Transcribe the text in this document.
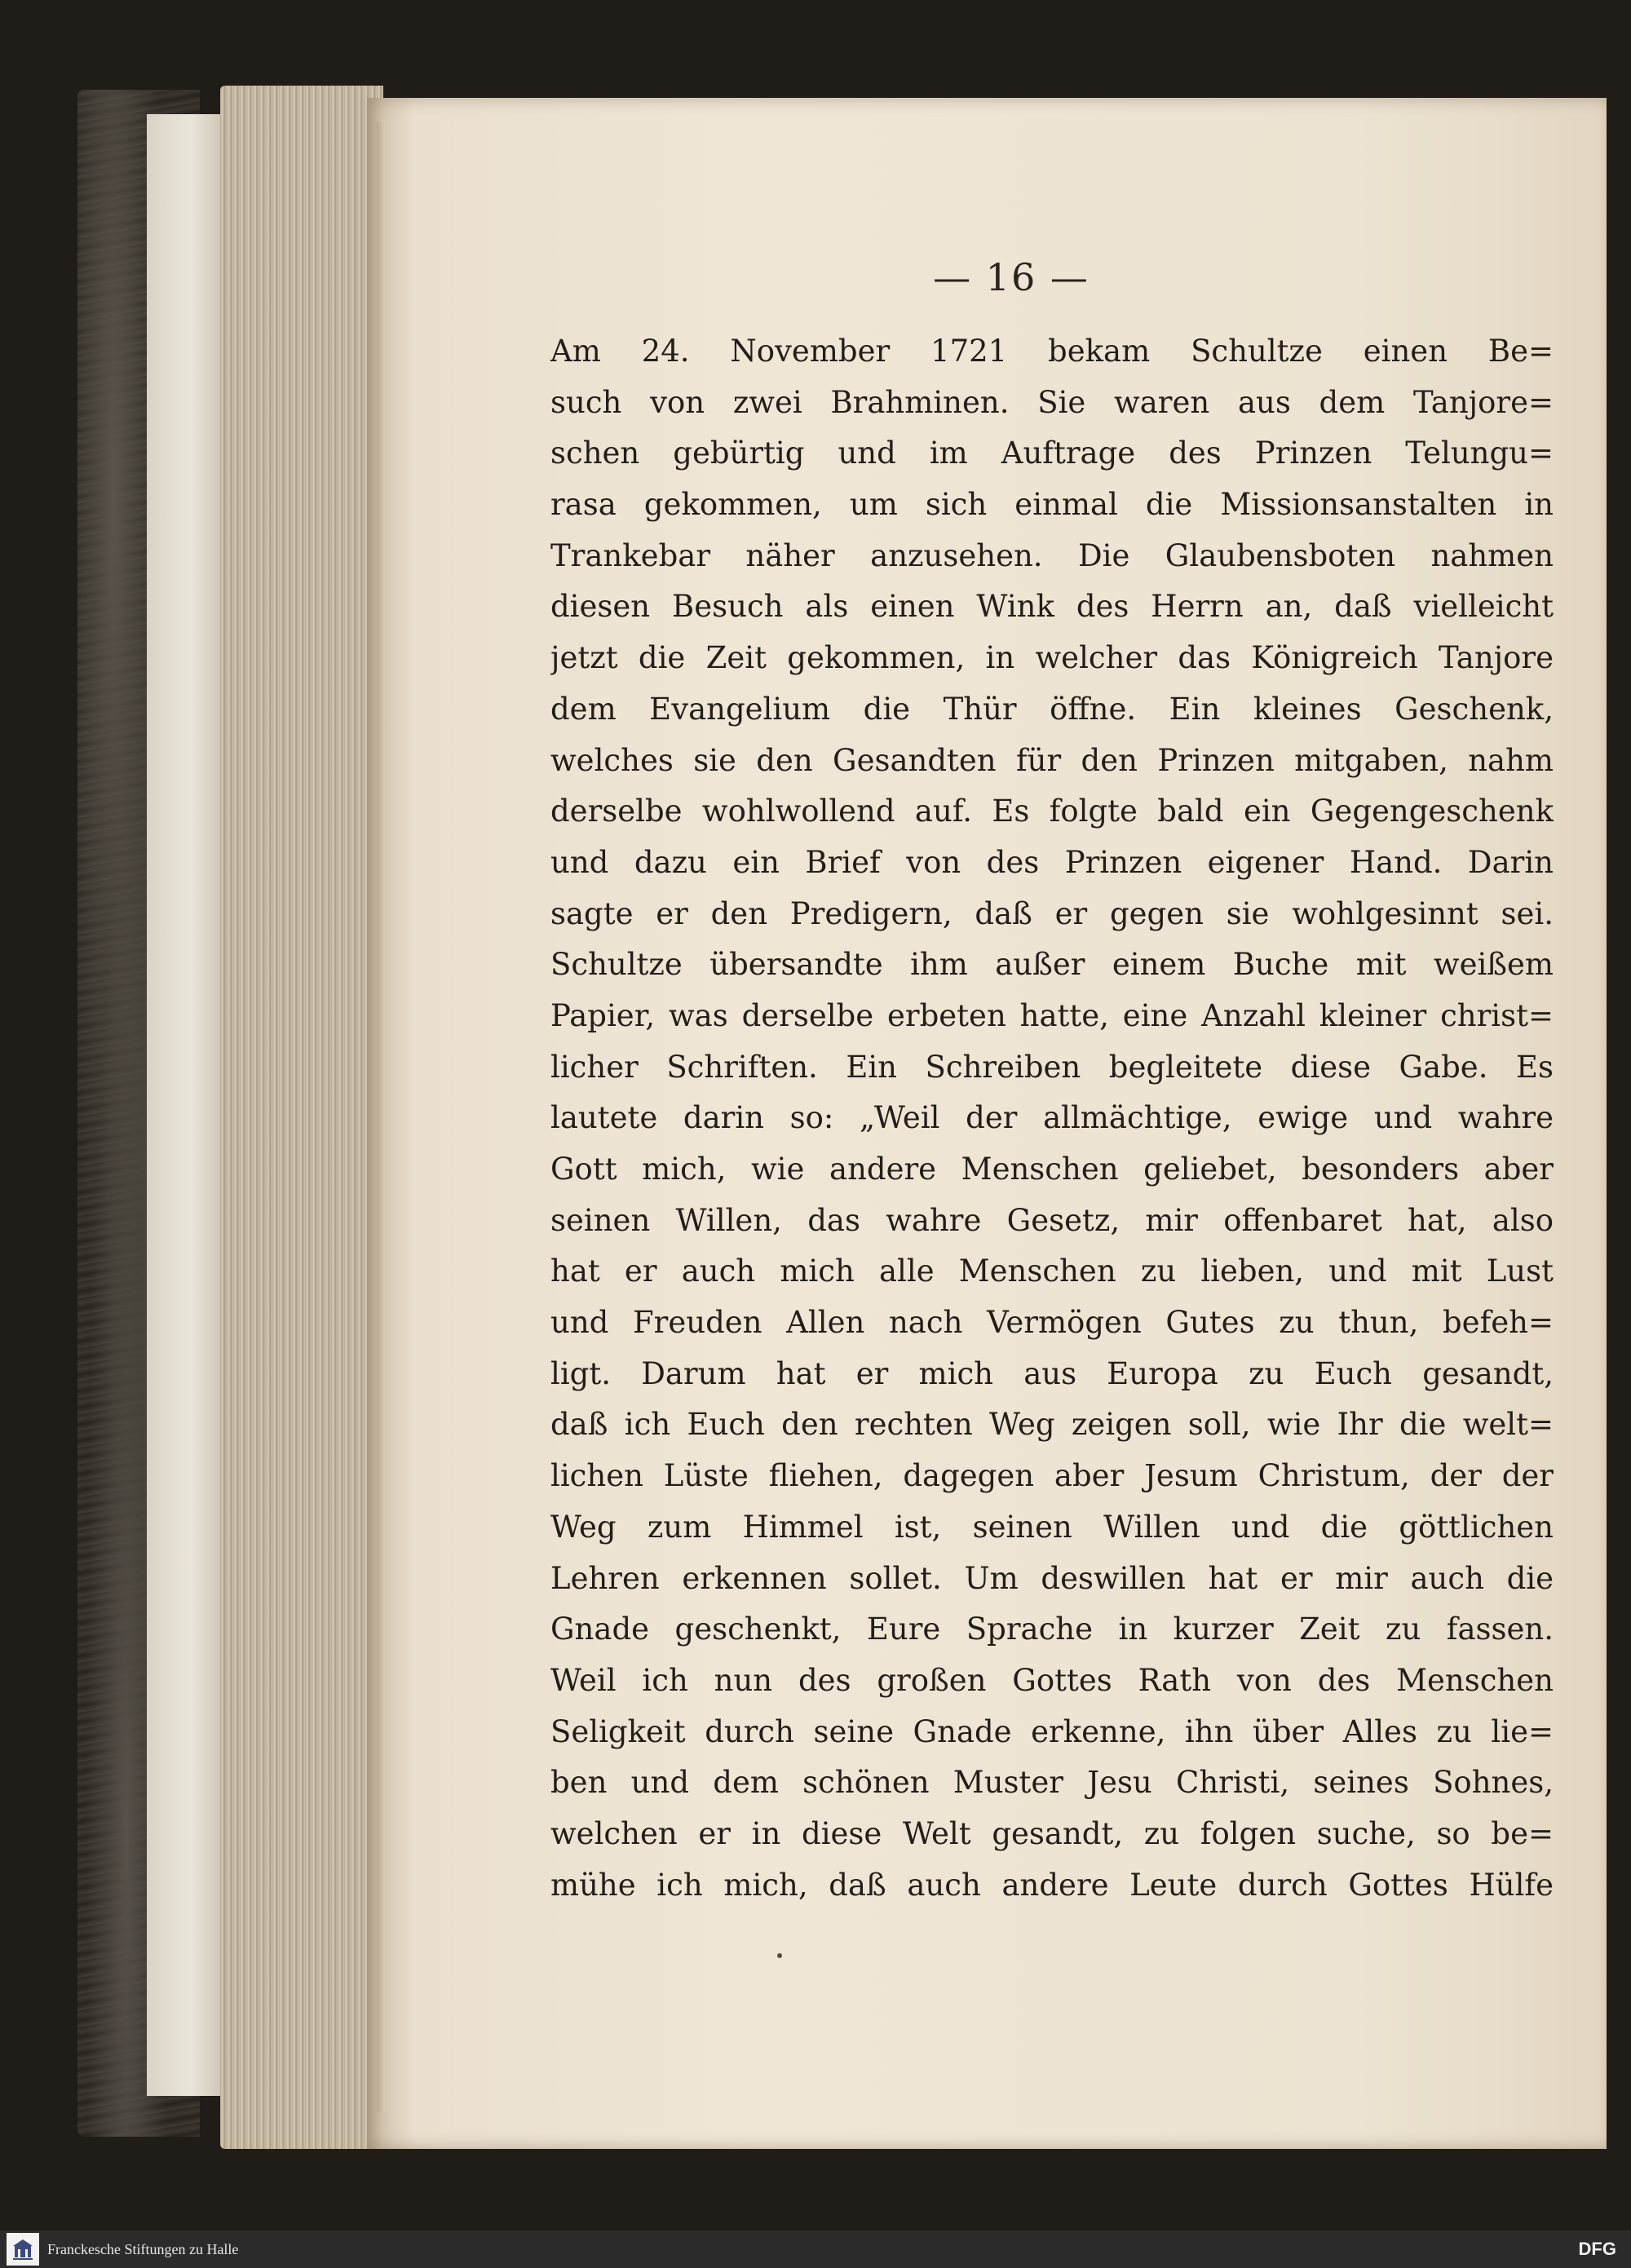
— 16 —
Am 24. November 1721 bekam Schultze einen Be=
such von zwei Brahminen. Sie waren aus dem Tanjore=
schen gebürtig und im Auftrage des Prinzen Telungu=
rasa gekommen, um sich einmal die Missionsanstalten in
Trankebar näher anzusehen. Die Glaubensboten nahmen
diesen Besuch als einen Wink des Herrn an, daß vielleicht
jetzt die Zeit gekommen, in welcher das Königreich Tanjore
dem Evangelium die Thür öffne. Ein kleines Geschenk,
welches sie den Gesandten für den Prinzen mitgaben, nahm
derselbe wohlwollend auf. Es folgte bald ein Gegengeschenk
und dazu ein Brief von des Prinzen eigener Hand. Darin
sagte er den Predigern, daß er gegen sie wohlgesinnt sei.
Schultze übersandte ihm außer einem Buche mit weißem
Papier, was derselbe erbeten hatte, eine Anzahl kleiner christ=
licher Schriften. Ein Schreiben begleitete diese Gabe. Es
lautete darin so: „Weil der allmächtige, ewige und wahre
Gott mich, wie andere Menschen geliebet, besonders aber
seinen Willen, das wahre Gesetz, mir offenbaret hat, also
hat er auch mich alle Menschen zu lieben, und mit Lust
und Freuden Allen nach Vermögen Gutes zu thun, befeh=
ligt. Darum hat er mich aus Europa zu Euch gesandt,
daß ich Euch den rechten Weg zeigen soll, wie Ihr die welt=
lichen Lüste fliehen, dagegen aber Jesum Christum, der der
Weg zum Himmel ist, seinen Willen und die göttlichen
Lehren erkennen sollet. Um deswillen hat er mir auch die
Gnade geschenkt, Eure Sprache in kurzer Zeit zu fassen.
Weil ich nun des großen Gottes Rath von des Menschen
Seligkeit durch seine Gnade erkenne, ihn über Alles zu lie=
ben und dem schönen Muster Jesu Christi, seines Sohnes,
welchen er in diese Welt gesandt, zu folgen suche, so be=
mühe ich mich, daß auch andere Leute durch Gottes Hülfe
Franckesche Stiftungen zu Halle	DFG
